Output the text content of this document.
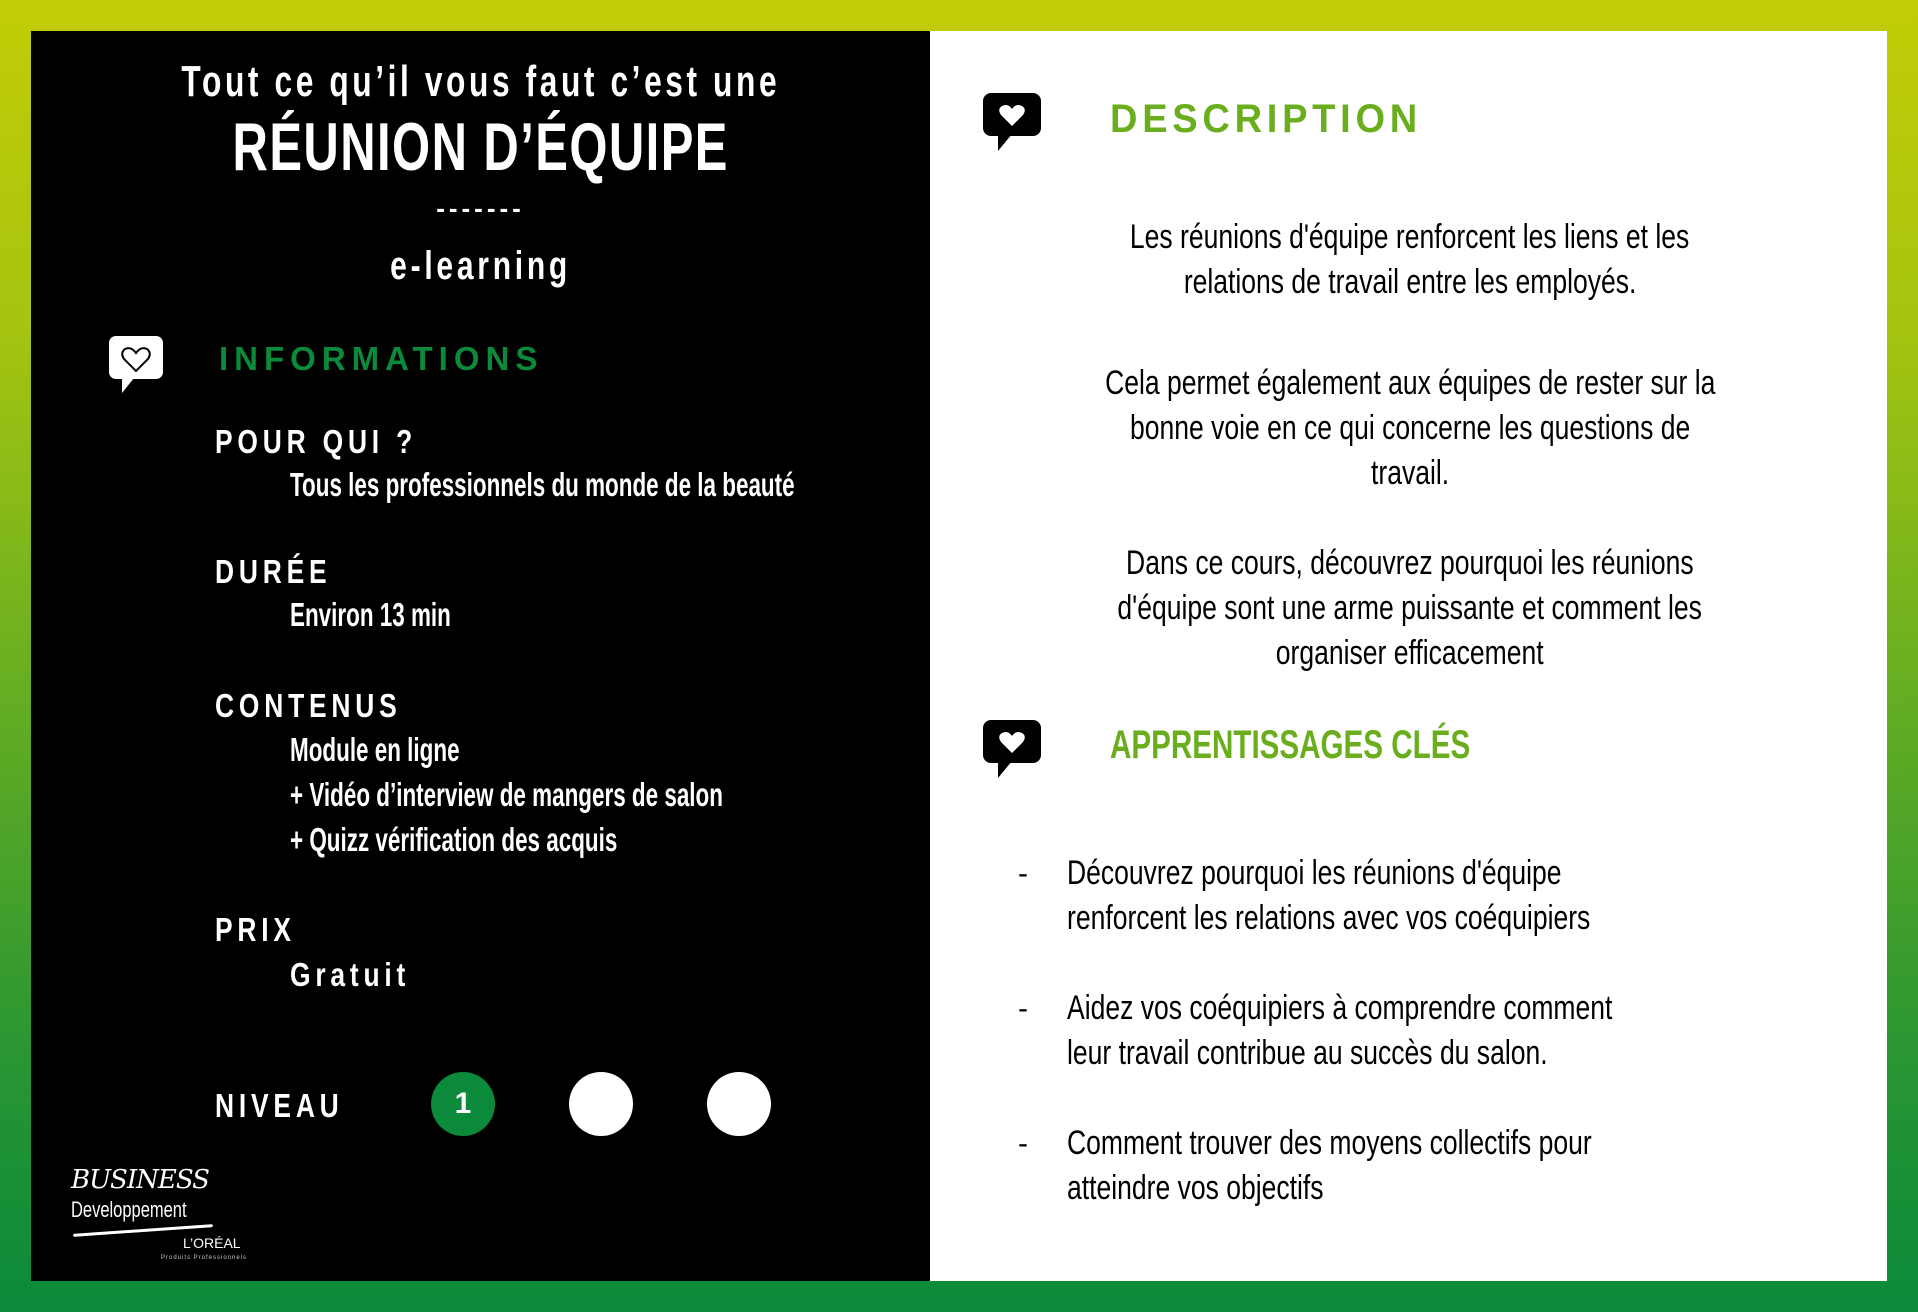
Tout ce qu’il vous faut c’est une
RÉUNION D’ÉQUIPE
-------
e-learning
INFORMATIONS
POUR QUI ?
Tous les professionnels du monde de la beauté
DURÉE
Environ 13 min
CONTENUS
Module en ligne
+ Vidéo d’interview de mangers de salon
+ Quizz vérification des acquis
PRIX
Gratuit
NIVEAU	1
BUSINESS
Developpement
L’ORÉAL
Produits Professionnels
DESCRIPTION
Les réunions d'équipe renforcent les liens et les
relations de travail entre les employés.
Cela permet également aux équipes de rester sur la
bonne voie en ce qui concerne les questions de
travail.
Dans ce cours, découvrez pourquoi les réunions
d'équipe sont une arme puissante et comment les
organiser efficacement
APPRENTISSAGES CLÉS
- Découvrez pourquoi les réunions d'équipe
renforcent les relations avec vos coéquipiers
- Aidez vos coéquipiers à comprendre comment
leur travail contribue au succès du salon.
- Comment trouver des moyens collectifs pour
atteindre vos objectifs
